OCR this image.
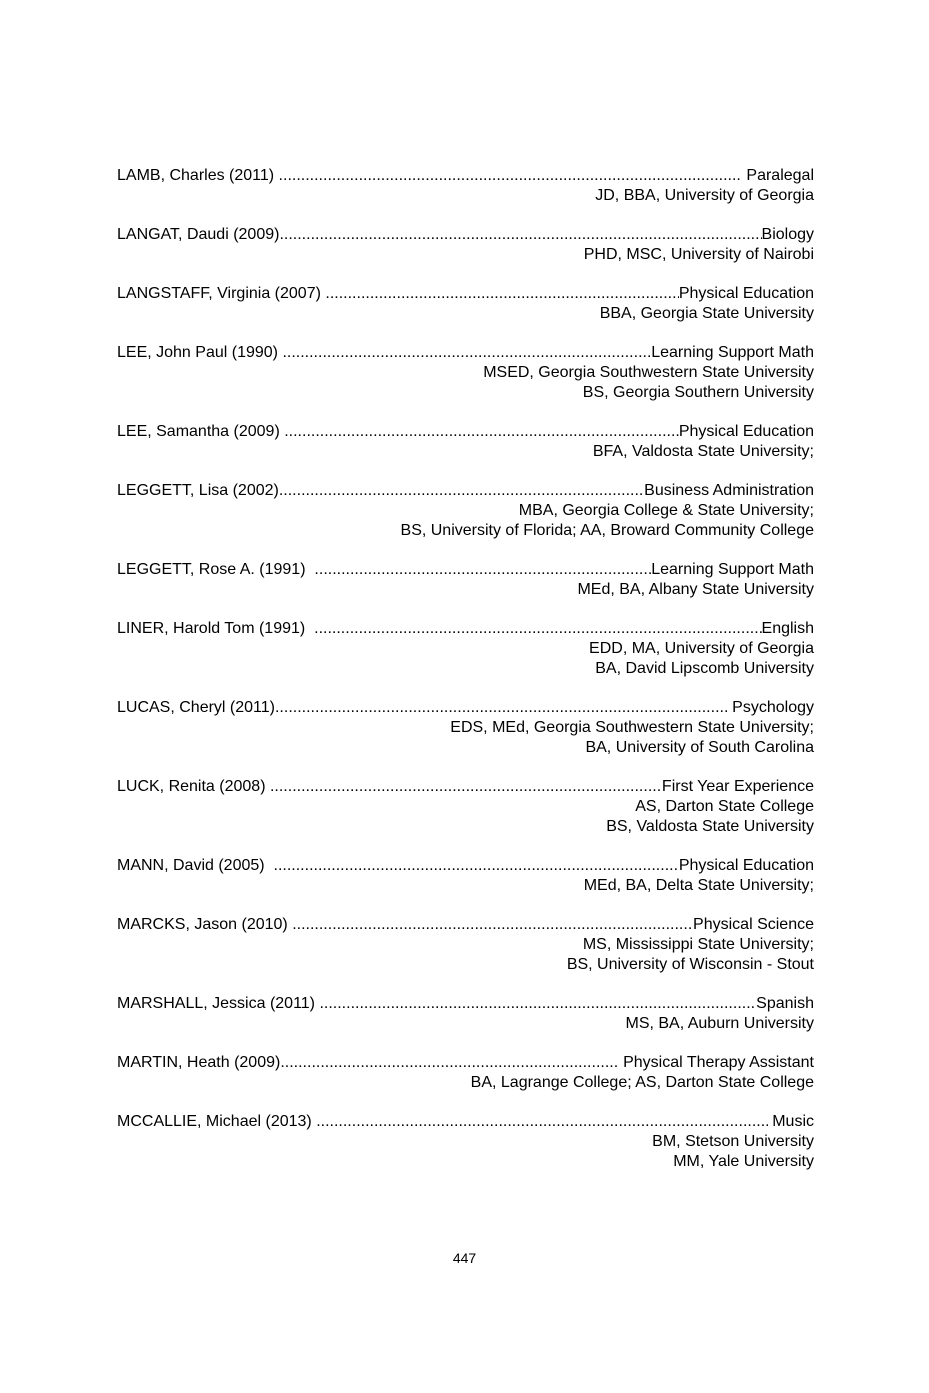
LAMB, Charles (2011) .....	Paralegal
JD, BBA, University of Georgia
LANGAT, Daudi (2009) .....	Biology
PHD, MSC, University of Nairobi
LANGSTAFF, Virginia (2007) .....	Physical Education
BBA, Georgia State University
LEE, John Paul (1990) .....	Learning Support Math
MSED, Georgia Southwestern State University
BS, Georgia Southern University
LEE, Samantha (2009) .....	Physical Education
BFA, Valdosta State University;
LEGGETT, Lisa (2002) .....	Business Administration
MBA, Georgia College & State University;
BS, University of Florida; AA, Broward Community College
LEGGETT, Rose A. (1991) .....	Learning Support Math
MEd, BA, Albany State University
LINER, Harold Tom (1991) .....	English
EDD, MA, University of Georgia
BA, David Lipscomb University
LUCAS, Cheryl (2011) .....	Psychology
EDS, MEd, Georgia Southwestern State University;
BA, University of South Carolina
LUCK, Renita (2008) .....	First Year Experience
AS, Darton State College
BS, Valdosta State University
MANN, David (2005) .....	Physical Education
MEd, BA, Delta State University;
MARCKS, Jason (2010) .....	Physical Science
MS, Mississippi State University;
BS, University of Wisconsin - Stout
MARSHALL, Jessica (2011) .....	Spanish
MS, BA, Auburn University
MARTIN, Heath (2009) .....	Physical Therapy Assistant
BA, Lagrange College; AS, Darton State College
MCCALLIE, Michael (2013) .....	Music
BM, Stetson University
MM, Yale University
447
